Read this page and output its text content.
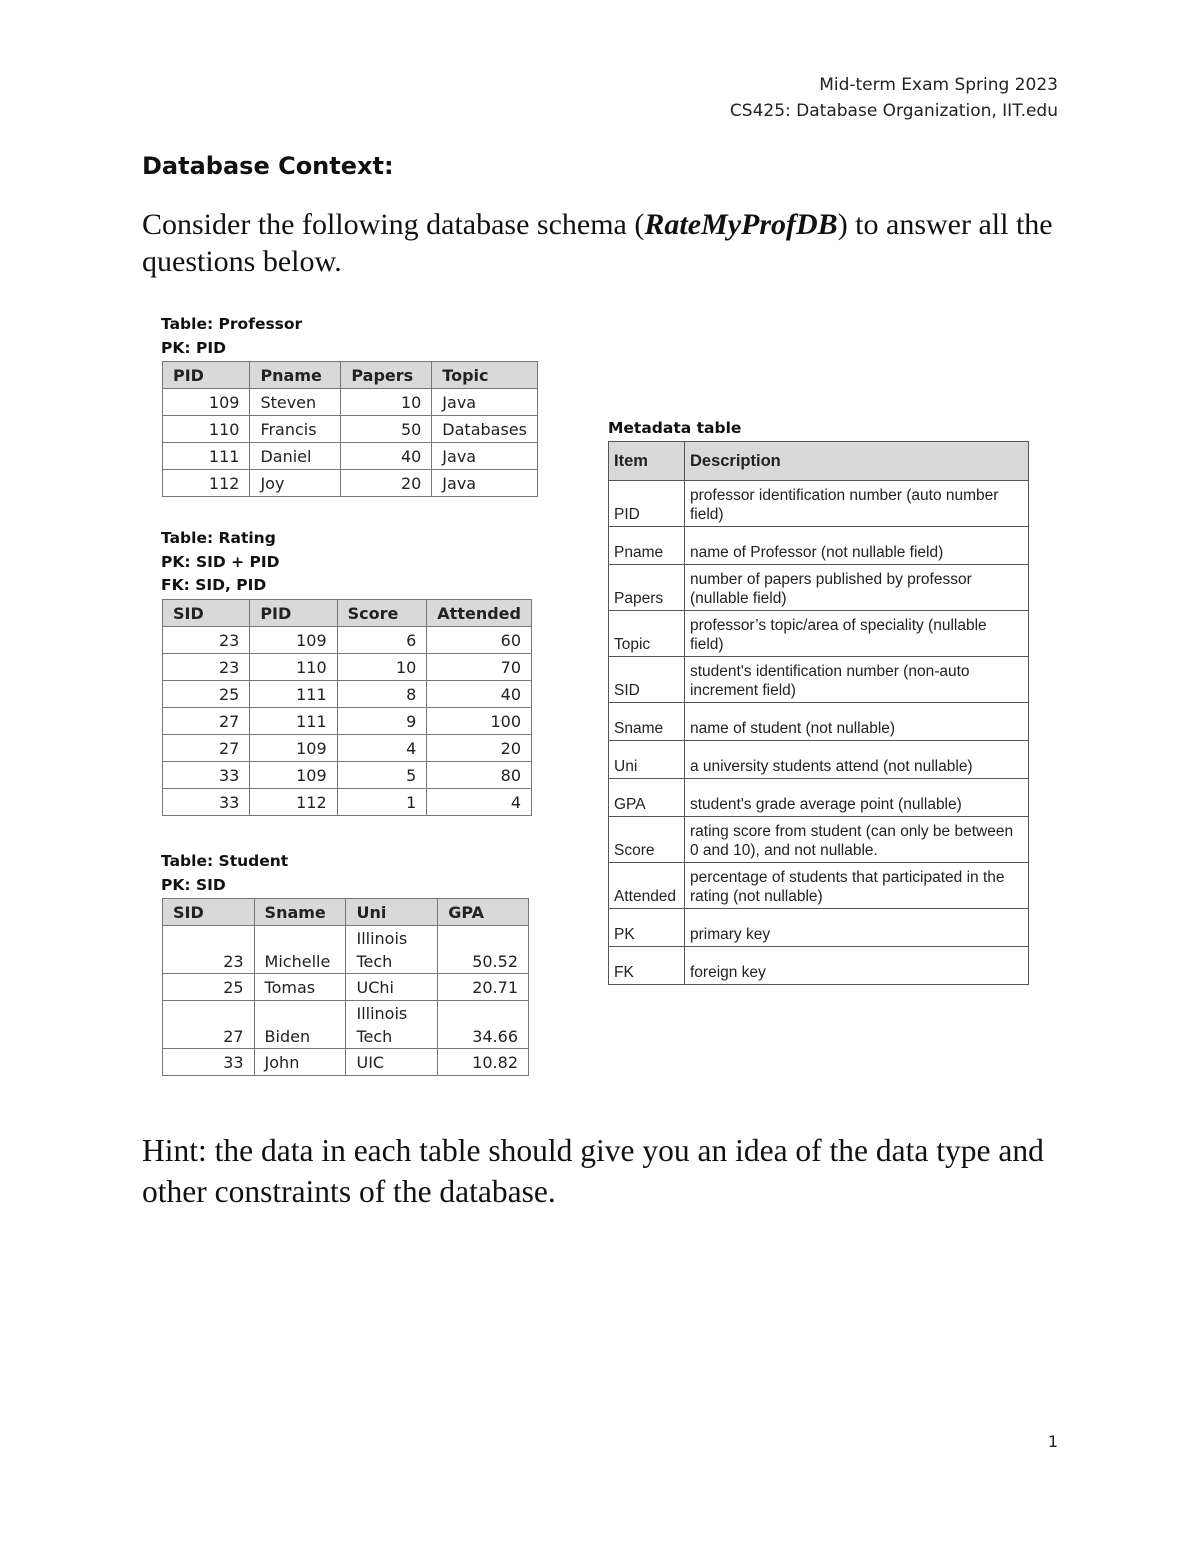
Mid-term Exam Spring 2023
CS425: Database Organization, IIT.edu
Database Context:
Consider the following database schema (RateMyProfDB) to answer all the questions below.
Table: Professor
PK: PID
PID	Pname	Papers	Topic
109	Steven	10	Java
110	Francis	50	Databases
111	Daniel	40	Java
112	Joy	20	Java
Table: Rating
PK: SID + PID
FK: SID, PID
SID	PID	Score	Attended
23	109	6	60
23	110	10	70
25	111	8	40
27	111	9	100
27	109	4	20
33	109	5	80
33	112	1	4
Table: Student
PK: SID
SID	Sname	Uni	GPA
23	Michelle	Illinois Tech	50.52
25	Tomas	UChi	20.71
27	Biden	Illinois Tech	34.66
33	John	UIC	10.82
Metadata table
Item	Description
PID	professor identification number (auto number field)
Pname	name of Professor (not nullable field)
Papers	number of papers published by professor (nullable field)
Topic	professor’s topic/area of speciality (nullable field)
SID	student's identification number (non-auto increment field)
Sname	name of student (not nullable)
Uni	a university students attend (not nullable)
GPA	student's grade average point (nullable)
Score	rating score from student (can only be between 0 and 10), and not nullable.
Attended	percentage of students that participated in the rating (not nullable)
PK	primary key
FK	foreign key
Hint: the data in each table should give you an idea of the data type and other constraints of the database.
1
